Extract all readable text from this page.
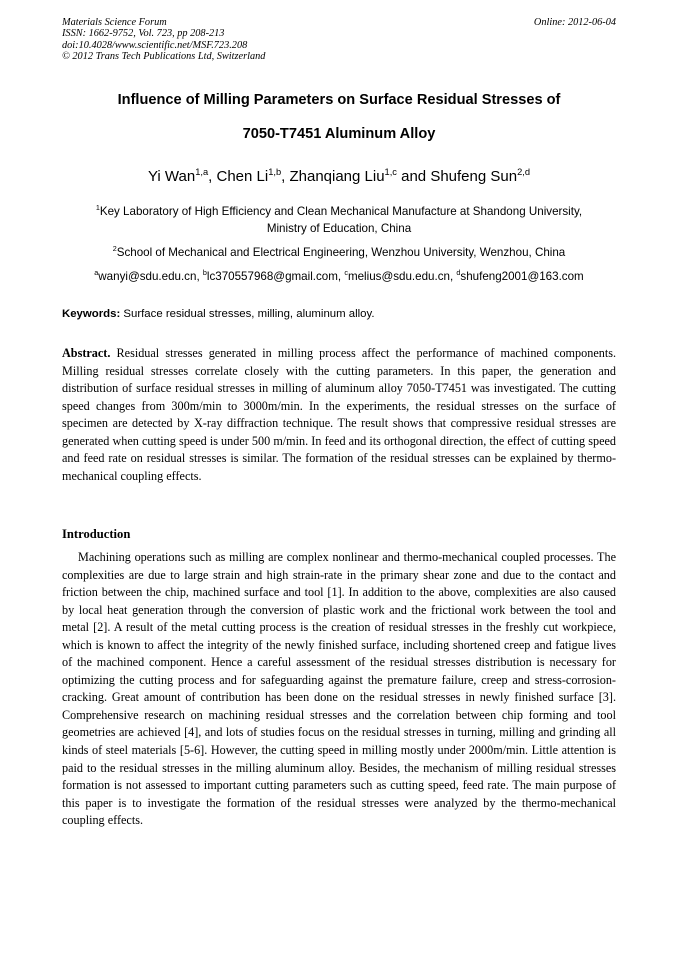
Materials Science Forum
ISSN: 1662-9752, Vol. 723, pp 208-213
doi:10.4028/www.scientific.net/MSF.723.208
© 2012 Trans Tech Publications Ltd, Switzerland
Online: 2012-06-04
Influence of Milling Parameters on Surface Residual Stresses of
7050-T7451 Aluminum Alloy
Yi Wan$^{1,a}$, Chen Li$^{1,b}$, Zhanqiang Liu$^{1,c}$ and Shufeng Sun$^{2,d}$
$^1$Key Laboratory of High Efficiency and Clean Mechanical Manufacture at Shandong University,
Ministry of Education, China
$^2$School of Mechanical and Electrical Engineering, Wenzhou University, Wenzhou, China
$^a$wanyi@sdu.edu.cn, $^b$lc370557968@gmail.com, $^c$melius@sdu.edu.cn, $^d$shufeng2001@163.com
Keywords: Surface residual stresses, milling, aluminum alloy.
Abstract. Residual stresses generated in milling process affect the performance of machined components. Milling residual stresses correlate closely with the cutting parameters. In this paper, the generation and distribution of surface residual stresses in milling of aluminum alloy 7050-T7451 was investigated. The cutting speed changes from 300m/min to 3000m/min. In the experiments, the residual stresses on the surface of specimen are detected by X-ray diffraction technique. The result shows that compressive residual stresses are generated when cutting speed is under 500 m/min. In feed and its orthogonal direction, the effect of cutting speed and feed rate on residual stresses is similar. The formation of the residual stresses can be explained by thermo-mechanical coupling effects.
Introduction
Machining operations such as milling are complex nonlinear and thermo-mechanical coupled processes. The complexities are due to large strain and high strain-rate in the primary shear zone and due to the contact and friction between the chip, machined surface and tool [1]. In addition to the above, complexities are also caused by local heat generation through the conversion of plastic work and the frictional work between the tool and metal [2]. A result of the metal cutting process is the creation of residual stresses in the freshly cut workpiece, which is known to affect the integrity of the newly finished surface, including shortened creep and fatigue lives of the machined component. Hence a careful assessment of the residual stresses distribution is necessary for optimizing the cutting process and for safeguarding against the premature failure, creep and stress-corrosion-cracking. Great amount of contribution has been done on the residual stresses in newly finished surface [3]. Comprehensive research on machining residual stresses and the correlation between chip forming and tool geometries are achieved [4], and lots of studies focus on the residual stresses in turning, milling and grinding all kinds of steel materials [5-6]. However, the cutting speed in milling mostly under 2000m/min. Little attention is paid to the residual stresses in the milling aluminum alloy. Besides, the mechanism of milling residual stresses formation is not assessed to important cutting parameters such as cutting speed, feed rate. The main purpose of this paper is to investigate the formation of the residual stresses were analyzed by the thermo-mechanical coupling effects.
